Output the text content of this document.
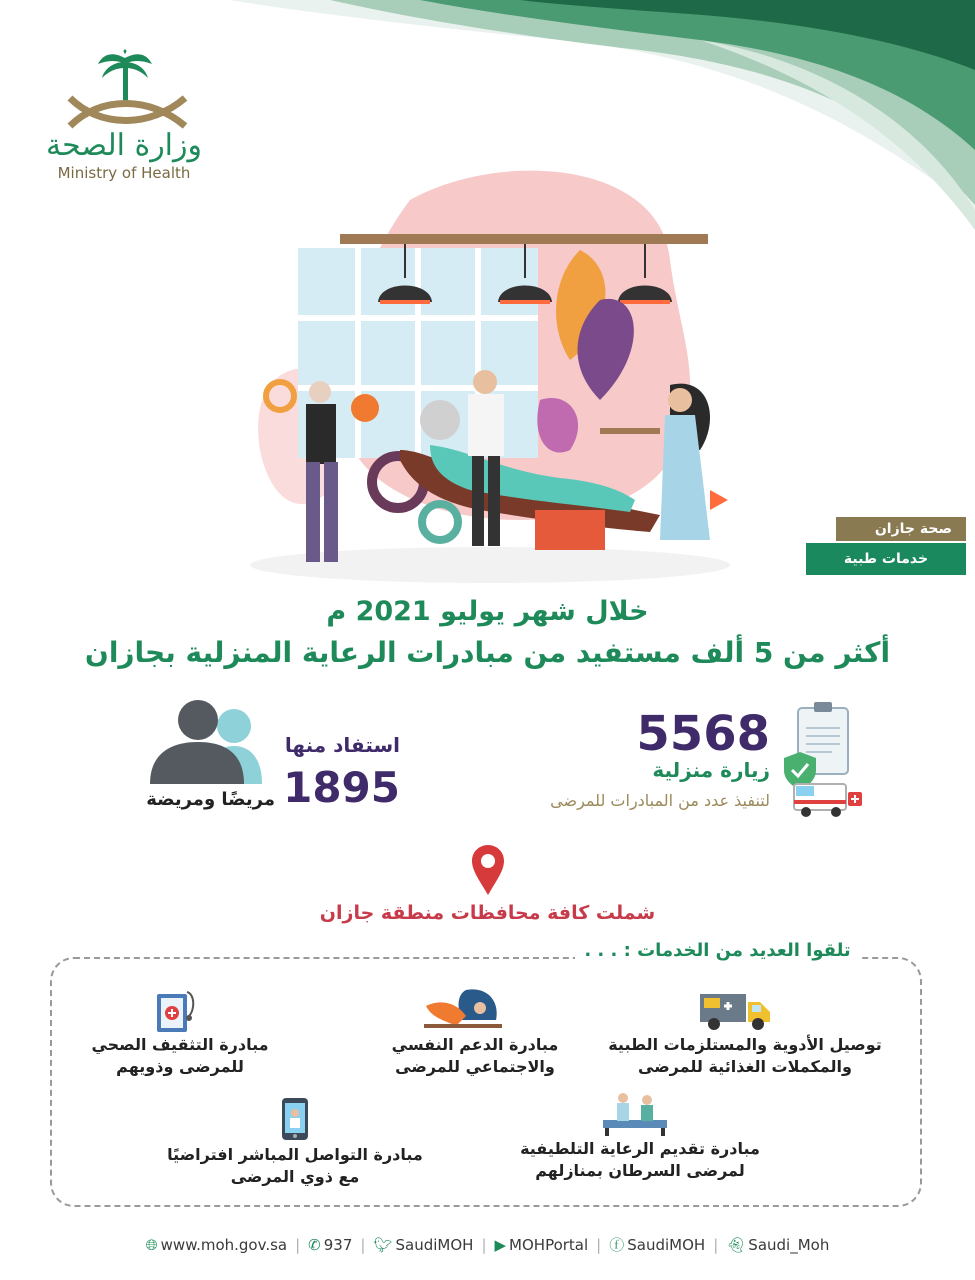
وزارة الصحة
Ministry of Health
صحة جازان
خدمات طبية
خلال شهر يوليو 2021 م
أكثر من 5 ألف مستفيد من مبادرات الرعاية المنزلية بجازان
5568
زيارة منزلية
لتنفيذ عدد من المبادرات للمرضى
استفاد منها
1895
مريضًا ومريضة
شملت كافة محافظات منطقة جازان
تلقوا العديد من الخدمات : . . .
توصيل الأدوية والمستلزمات الطبية
والمكملات الغذائية للمرضى
مبادرة الدعم النفسي
والاجتماعي للمرضى
مبادرة التثقيف الصحي
للمرضى وذويهم
مبادرة تقديم الرعاية التلطيفية
لمرضى السرطان بمنازلهم
مبادرة التواصل المباشر افتراضيًا
مع ذوي المرضى
🌐︎ www.moh.gov.sa | ✆ 937 | 🐦︎ SaudiMOH | ▶ MOHPortal | ⓕ SaudiMOH | 👻︎ Saudi_Moh
